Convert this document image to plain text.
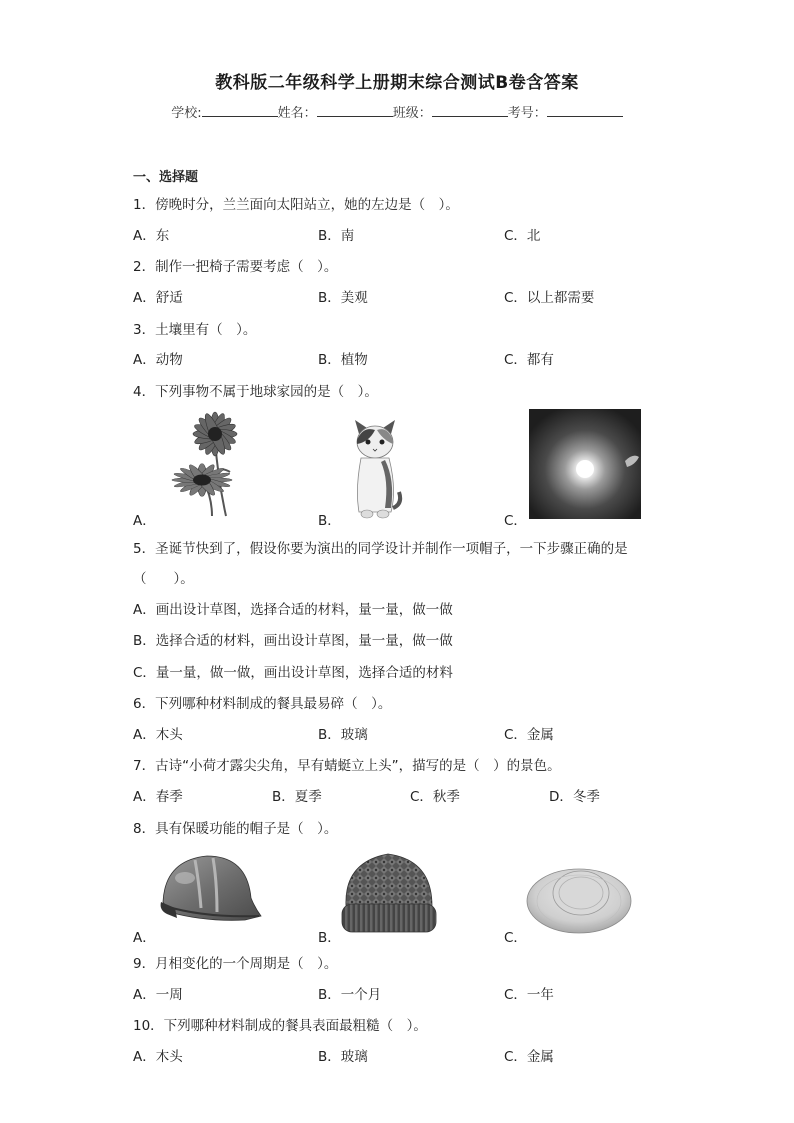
教科版二年级科学上册期末综合测试B卷含答案
学校:	姓名：	班级：	考号：
一、选择题
1．傍晚时分，兰兰面向太阳站立，她的左边是（　）。
A．东	B．南	C．北
2．制作一把椅子需要考虑（　）。
A．舒适	B．美观	C．以上都需要
3．土壤里有（　）。
A．动物	B．植物	C．都有
4．下列事物不属于地球家园的是（　）。
A．	B．	C．
5．圣诞节快到了，假设你要为演出的同学设计并制作一项帽子，一下步骤正确的是
（　　）。
A．画出设计草图，选择合适的材料，量一量，做一做
B．选择合适的材料，画出设计草图，量一量，做一做
C．量一量，做一做，画出设计草图，选择合适的材料
6．下列哪种材料制成的餐具最易碎（　）。
A．木头	B．玻璃	C．金属
7．古诗“小荷才露尖尖角，早有蜻蜓立上头”，描写的是（　）的景色。
A．春季	B．夏季	C．秋季	D．冬季
8．具有保暖功能的帽子是（　）。
A．	B．	C．
9．月相变化的一个周期是（　）。
A．一周	B．一个月	C．一年
10．下列哪种材料制成的餐具表面最粗糙（　）。
A．木头	B．玻璃	C．金属
